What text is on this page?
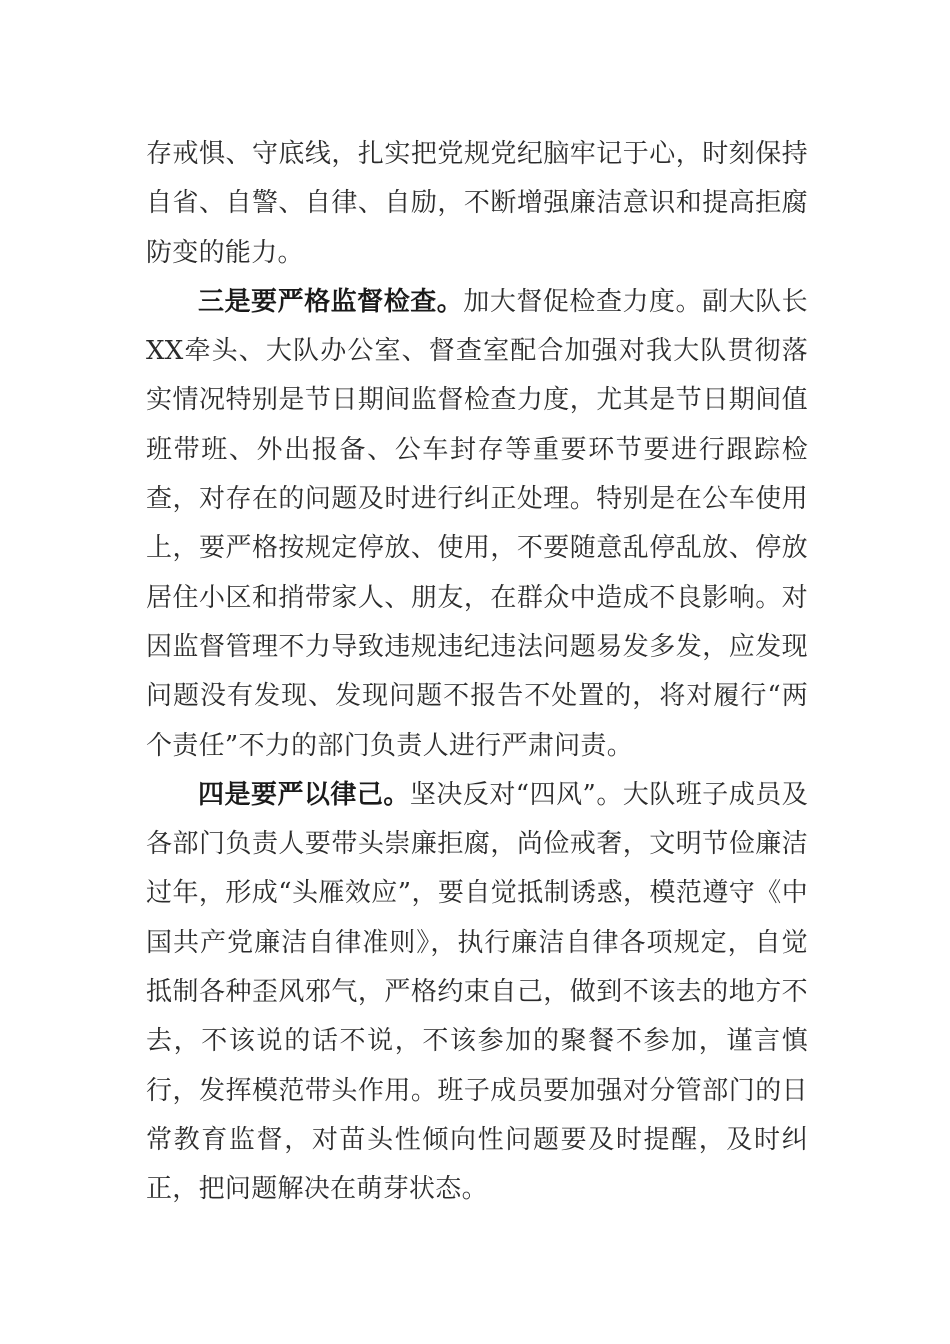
存戒惧、守底线，扎实把党规党纪脑牢记于心，时刻保持自省、自警、自律、自励，不断增强廉洁意识和提高拒腐防变的能力。

三是要严格监督检查。加大督促检查力度。副大队长XX牵头、大队办公室、督查室配合加强对我大队贯彻落实情况特别是节日期间监督检查力度，尤其是节日期间值班带班、外出报备、公车封存等重要环节要进行跟踪检查，对存在的问题及时进行纠正处理。特别是在公车使用上，要严格按规定停放、使用，不要随意乱停乱放、停放居住小区和捎带家人、朋友，在群众中造成不良影响。对因监督管理不力导致违规违纪违法问题易发多发，应发现问题没有发现、发现问题不报告不处置的，将对履行“两个责任”不力的部门负责人进行严肃问责。

四是要严以律己。坚决反对“四风”。大队班子成员及各部门负责人要带头崇廉拒腐，尚俭戒奢，文明节俭廉洁过年，形成“头雁效应”，要自觉抵制诱惑，模范遵守《中国共产党廉洁自律准则》，执行廉洁自律各项规定，自觉抵制各种歪风邪气，严格约束自己，做到不该去的地方不去，不该说的话不说，不该参加的聚餐不参加，谨言慎行，发挥模范带头作用。班子成员要加强对分管部门的日常教育监督，对苗头性倾向性问题要及时提醒，及时纠正，把问题解决在萌芽状态。
